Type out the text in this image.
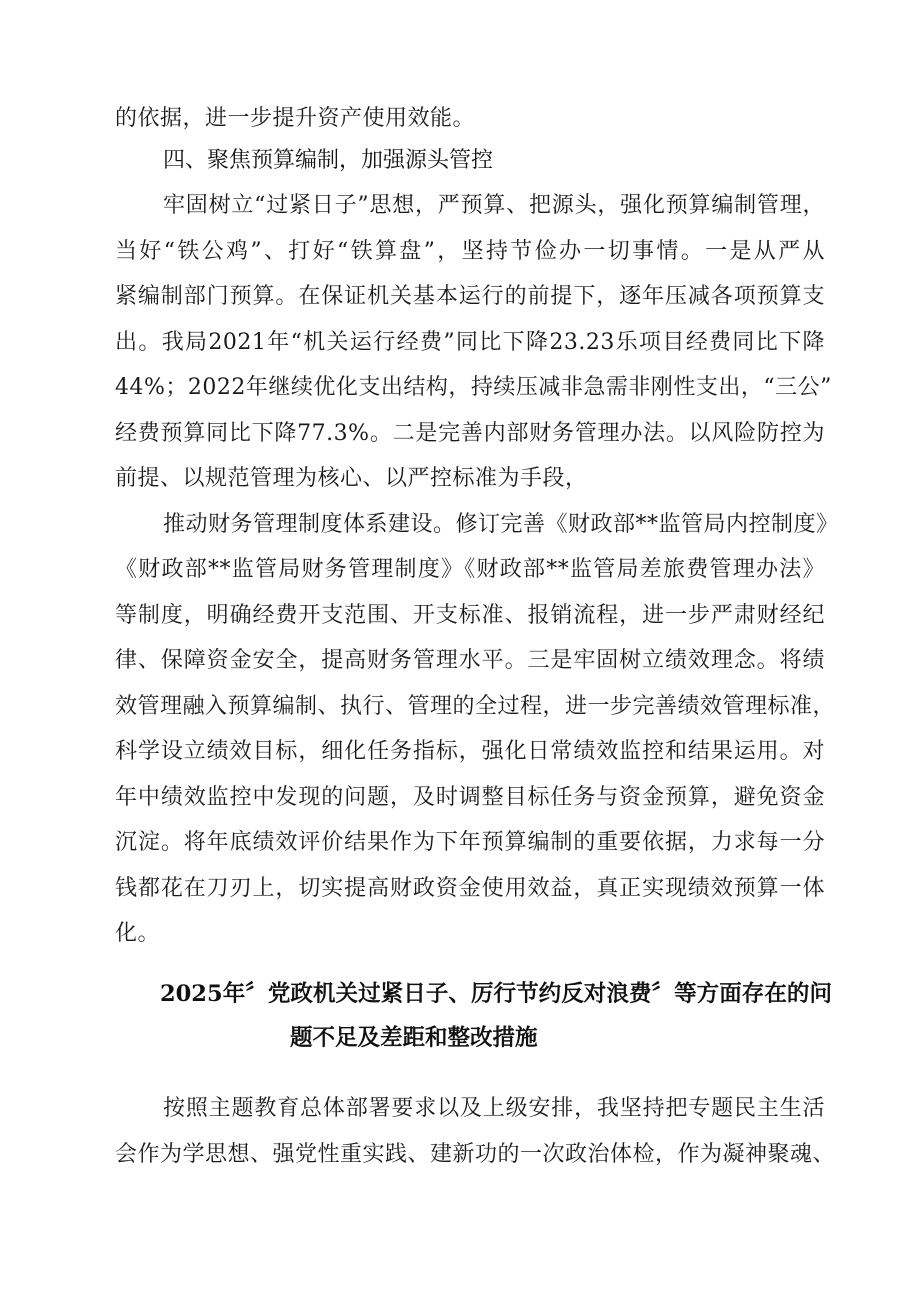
的依据，进一步提升资产使用效能。
四、聚焦预算编制，加强源头管控
牢固树立“过紧日子”思想，严预算、把源头，强化预算编制管理，
当好“铁公鸡”、打好“铁算盘”，坚持节俭办一切事情。一是从严从
紧编制部门预算。在保证机关基本运行的前提下，逐年压减各项预算支
出。我局2021年“机关运行经费”同比下降23.23乐项目经费同比下降
44%；2022年继续优化支出结构，持续压减非急需非刚性支出，“三公”
经费预算同比下降77.3%。二是完善内部财务管理办法。以风险防控为
前提、以规范管理为核心、以严控标准为手段，
推动财务管理制度体系建设。修订完善《财政部**监管局内控制度》
《财政部**监管局财务管理制度》《财政部**监管局差旅费管理办法》
等制度，明确经费开支范围、开支标准、报销流程，进一步严肃财经纪
律、保障资金安全，提高财务管理水平。三是牢固树立绩效理念。将绩
效管理融入预算编制、执行、管理的全过程，进一步完善绩效管理标准，
科学设立绩效目标，细化任务指标，强化日常绩效监控和结果运用。对
年中绩效监控中发现的问题，及时调整目标任务与资金预算，避免资金
沉淀。将年底绩效评价结果作为下年预算编制的重要依据，力求每一分
钱都花在刀刃上，切实提高财政资金使用效益，真正实现绩效预算一体
化。
2025年〞党政机关过紧日子、厉行节约反对浪费〞等方面存在的问
题不足及差距和整改措施
按照主题教育总体部署要求以及上级安排，我坚持把专题民主生活
会作为学思想、强党性重实践、建新功的一次政治体检，作为凝神聚魂、
